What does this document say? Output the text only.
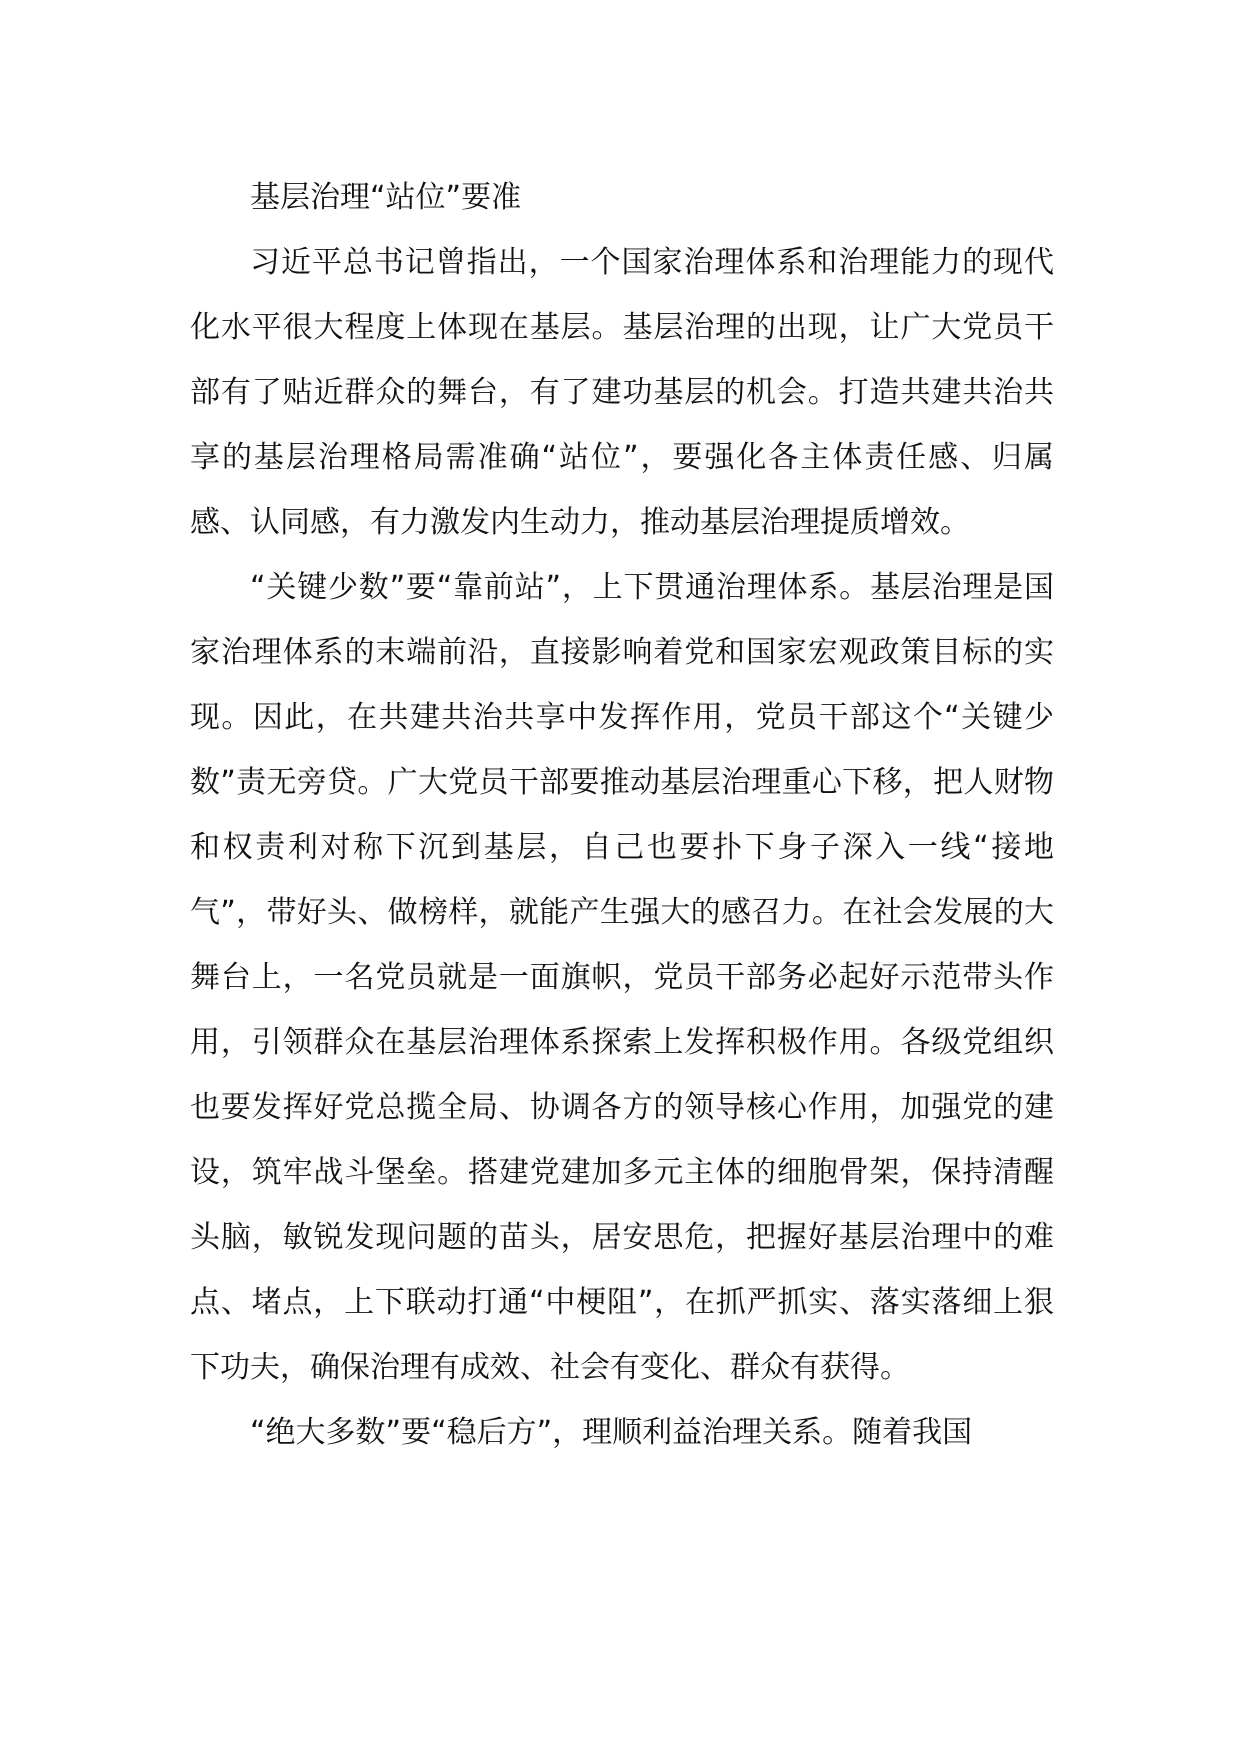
基层治理“站位”要准

习近平总书记曾指出，一个国家治理体系和治理能力的现代化水平很大程度上体现在基层。基层治理的出现，让广大党员干部有了贴近群众的舞台，有了建功基层的机会。打造共建共治共享的基层治理格局需准确“站位”，要强化各主体责任感、归属感、认同感，有力激发内生动力，推动基层治理提质增效。

“关键少数”要“靠前站”，上下贯通治理体系。基层治理是国家治理体系的末端前沿，直接影响着党和国家宏观政策目标的实现。因此，在共建共治共享中发挥作用，党员干部这个“关键少数”责无旁贷。广大党员干部要推动基层治理重心下移，把人财物和权责利对称下沉到基层，自己也要扑下身子深入一线“接地气”，带好头、做榜样，就能产生强大的感召力。在社会发展的大舞台上，一名党员就是一面旗帜，党员干部务必起好示范带头作用，引领群众在基层治理体系探索上发挥积极作用。各级党组织也要发挥好党总揽全局、协调各方的领导核心作用，加强党的建设，筑牢战斗堡垒。搭建党建加多元主体的细胞骨架，保持清醒头脑，敏锐发现问题的苗头，居安思危，把握好基层治理中的难点、堵点，上下联动打通“中梗阻”，在抓严抓实、落实落细上狠下功夫，确保治理有成效、社会有变化、群众有获得。

“绝大多数”要“稳后方”，理顺利益治理关系。随着我国
